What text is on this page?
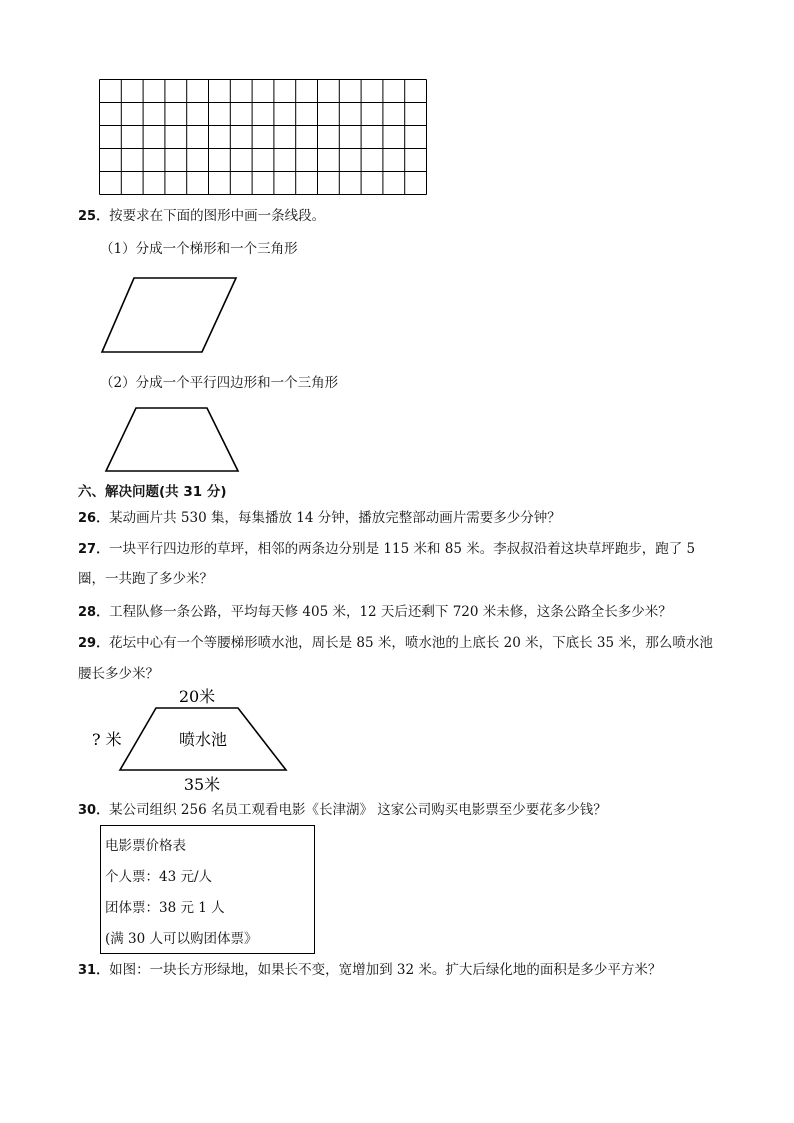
25．按要求在下面的图形中画一条线段。
（1）分成一个梯形和一个三角形
（2）分成一个平行四边形和一个三角形
六、解决问题(共 31 分)
26．某动画片共 530 集，每集播放 14 分钟，播放完整部动画片需要多少分钟？
27．一块平行四边形的草坪，相邻的两条边分别是 115 米和 85 米。李叔叔沿着这块草坪跑步，跑了 5
圈，一共跑了多少米？
28．工程队修一条公路，平均每天修 405 米，12 天后还剩下 720 米未修，这条公路全长多少米？
29．花坛中心有一个等腰梯形喷水池，周长是 85 米，喷水池的上底长 20 米，下底长 35 米，那么喷水池
腰长多少米？
20米
喷水池
? 米
35米
30．某公司组织 256 名员工观看电影《长津湖》 这家公司购买电影票至少要花多少钱？
电影票价格表
个人票：43 元/人
团体票：38 元 1 人
(满 30 人可以购团体票》
31．如图：一块长方形绿地，如果长不变，宽增加到 32 米。扩大后绿化地的面积是多少平方米？
